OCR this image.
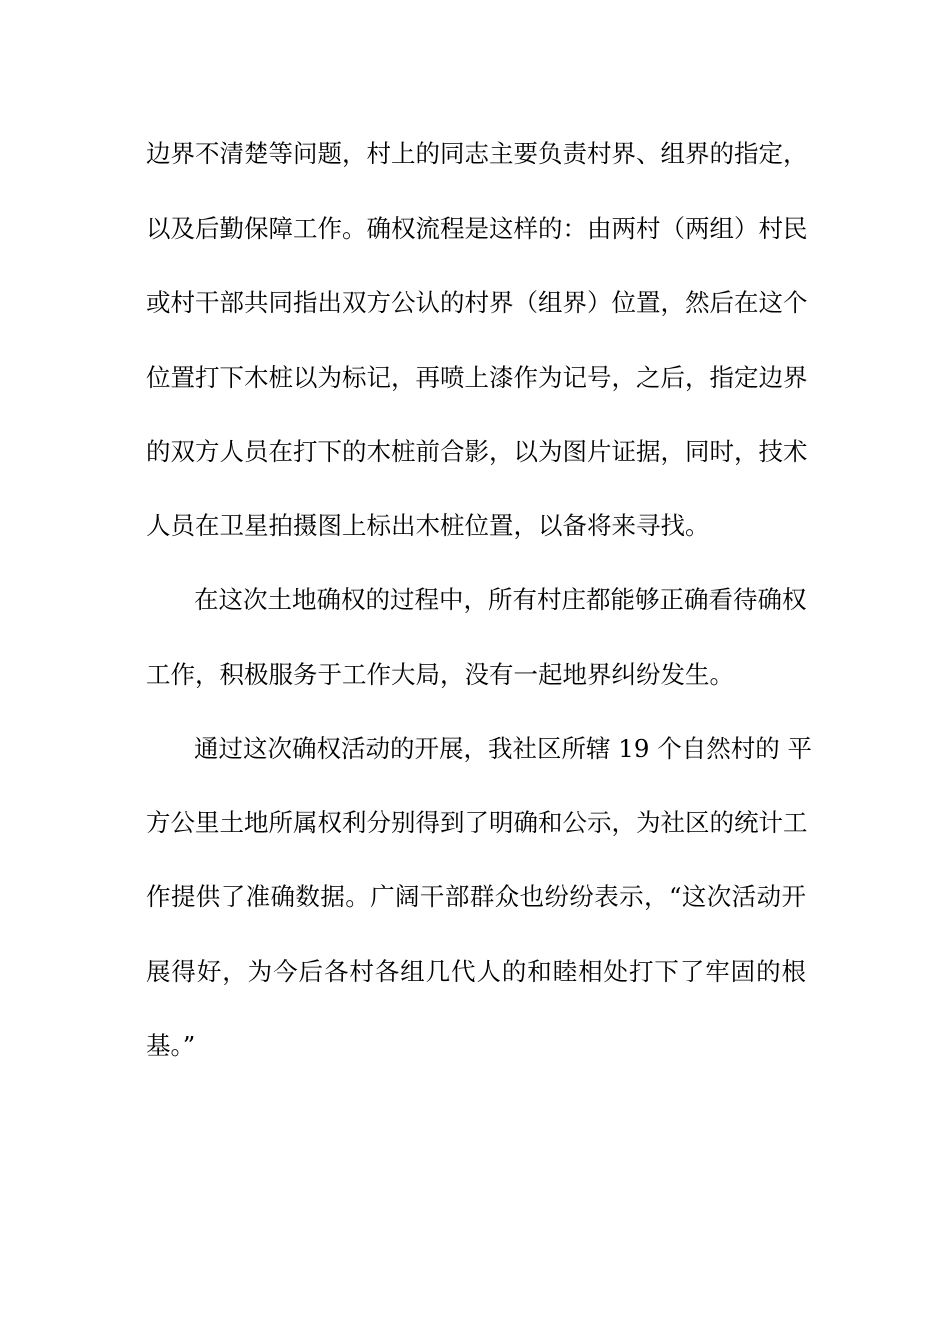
边界不清楚等问题，村上的同志主要负责村界、组界的指定，
以及后勤保障工作。确权流程是这样的：由两村（两组）村民
或村干部共同指出双方公认的村界（组界）位置，然后在这个
位置打下木桩以为标记，再喷上漆作为记号，之后，指定边界
的双方人员在打下的木桩前合影，以为图片证据，同时，技术
人员在卫星拍摄图上标出木桩位置，以备将来寻找。
在这次土地确权的过程中，所有村庄都能够正确看待确权
工作，积极服务于工作大局，没有一起地界纠纷发生。
通过这次确权活动的开展，我社区所辖 19 个自然村的 平
方公里土地所属权利分别得到了明确和公示，为社区的统计工
作提供了准确数据。广阔干部群众也纷纷表示，“这次活动开
展得好，为今后各村各组几代人的和睦相处打下了牢固的根
基。”
